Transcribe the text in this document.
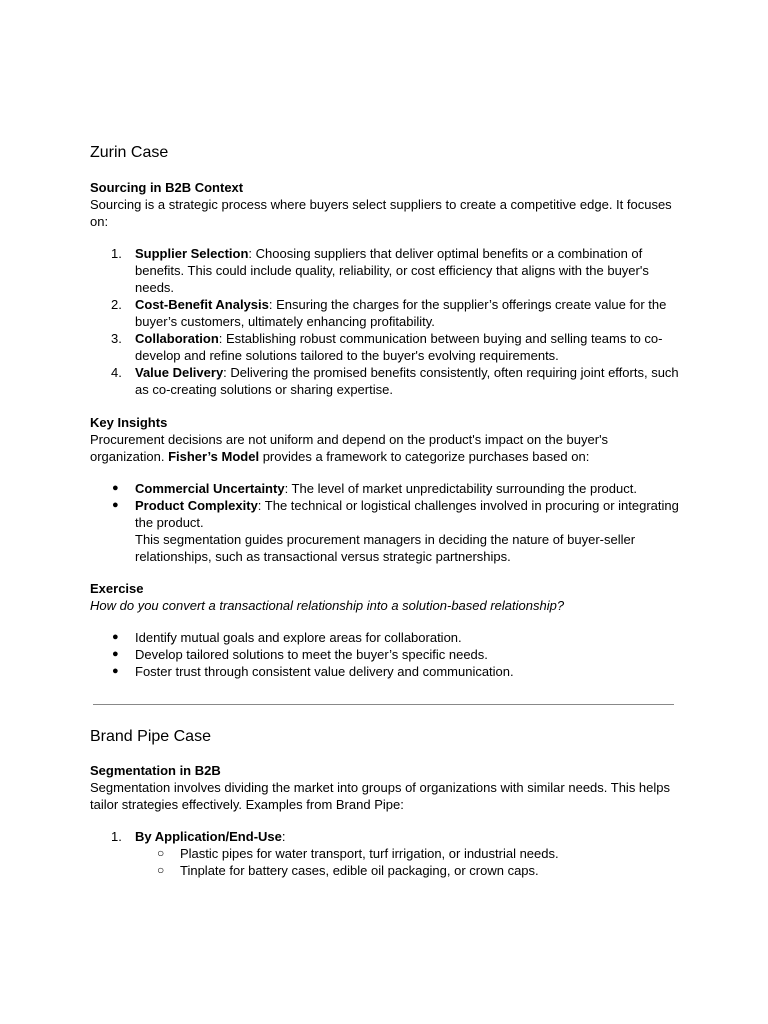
Zurin Case
Sourcing in B2B Context

Sourcing is a strategic process where buyers select suppliers to create a competitive edge. It focuses on:

1.	Supplier Selection: Choosing suppliers that deliver optimal benefits or a combination of benefits. This could include quality, reliability, or cost efficiency that aligns with the buyer's needs.
2.	Cost-Benefit Analysis: Ensuring the charges for the supplier’s offerings create value for the buyer’s customers, ultimately enhancing profitability.
3.	Collaboration: Establishing robust communication between buying and selling teams to co-develop and refine solutions tailored to the buyer's evolving requirements.
4.	Value Delivery: Delivering the promised benefits consistently, often requiring joint efforts, such as co-creating solutions or sharing expertise.
Key Insights

Procurement decisions are not uniform and depend on the product's impact on the buyer's organization. Fisher’s Model provides a framework to categorize purchases based on:

● Commercial Uncertainty: The level of market unpredictability surrounding the product.
● Product Complexity: The technical or logistical challenges involved in procuring or integrating the product.
This segmentation guides procurement managers in deciding the nature of buyer-seller relationships, such as transactional versus strategic partnerships.
Exercise

How do you convert a transactional relationship into a solution-based relationship?

● Identify mutual goals and explore areas for collaboration.
● Develop tailored solutions to meet the buyer’s specific needs.
● Foster trust through consistent value delivery and communication.
Brand Pipe Case
Segmentation in B2B

Segmentation involves dividing the market into groups of organizations with similar needs. This helps tailor strategies effectively. Examples from Brand Pipe:

1.	By Application/End-Use:
○ Plastic pipes for water transport, turf irrigation, or industrial needs.
○ Tinplate for battery cases, edible oil packaging, or crown caps.
